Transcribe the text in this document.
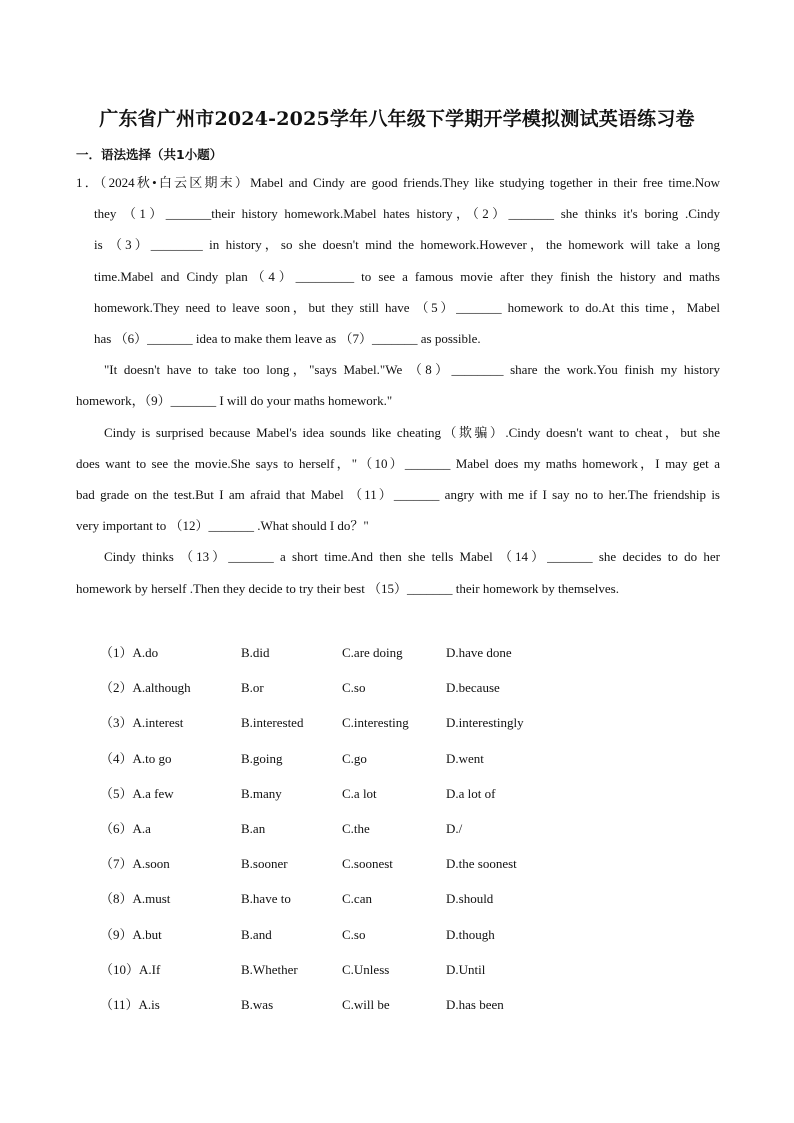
广东省广州市2024-2025学年八年级下学期开学模拟测试英语练习卷
一．语法选择（共1小题）
1．（2024秋•白云区期末）Mabel and Cindy are good friends.They like studying together in their free time.Now
they （1）_______their history homework.Mabel hates history，（2）_______ she thinks it's boring .Cindy
is （3）________ in history，so she doesn't mind the homework.However，the homework will take a long
time.Mabel and Cindy plan（4）_________ to see a famous movie after they finish the history and maths
homework.They need to leave soon，but they still have （5）_______ homework to do.At this time，Mabel
has （6）_______ idea to make them leave as （7）_______ as possible.
"It doesn't have to take too long，"says Mabel."We （8）________ share the work.You finish my history
homework，（9）_______ I will do your maths homework."
Cindy is surprised because Mabel's idea sounds like cheating（欺骗）.Cindy doesn't want to cheat，but she
does want to see the movie.She says to herself，"（10）_______ Mabel does my maths homework，I may get a
bad grade on the test.But I am afraid that Mabel （11）_______ angry with me if I say no to her.The friendship is
very important to （12）_______ .What should I do？"
Cindy thinks （13）_______ a short time.And then she tells Mabel （14）_______ she decides to do her
homework by herself .Then they decide to try their best （15）_______ their homework by themselves.
（1）A.do	B.did	C.are doing	D.have done
（2）A.although	B.or	C.so	D.because
（3）A.interest	B.interested	C.interesting	D.interestingly
（4）A.to go	B.going	C.go	D.went
（5）A.a few	B.many	C.a lot	D.a lot of
（6）A.a	B.an	C.the	D./
（7）A.soon	B.sooner	C.soonest	D.the soonest
（8）A.must	B.have to	C.can	D.should
（9）A.but	B.and	C.so	D.though
（10）A.If	B.Whether	C.Unless	D.Until
（11）A.is	B.was	C.will be	D.has been
